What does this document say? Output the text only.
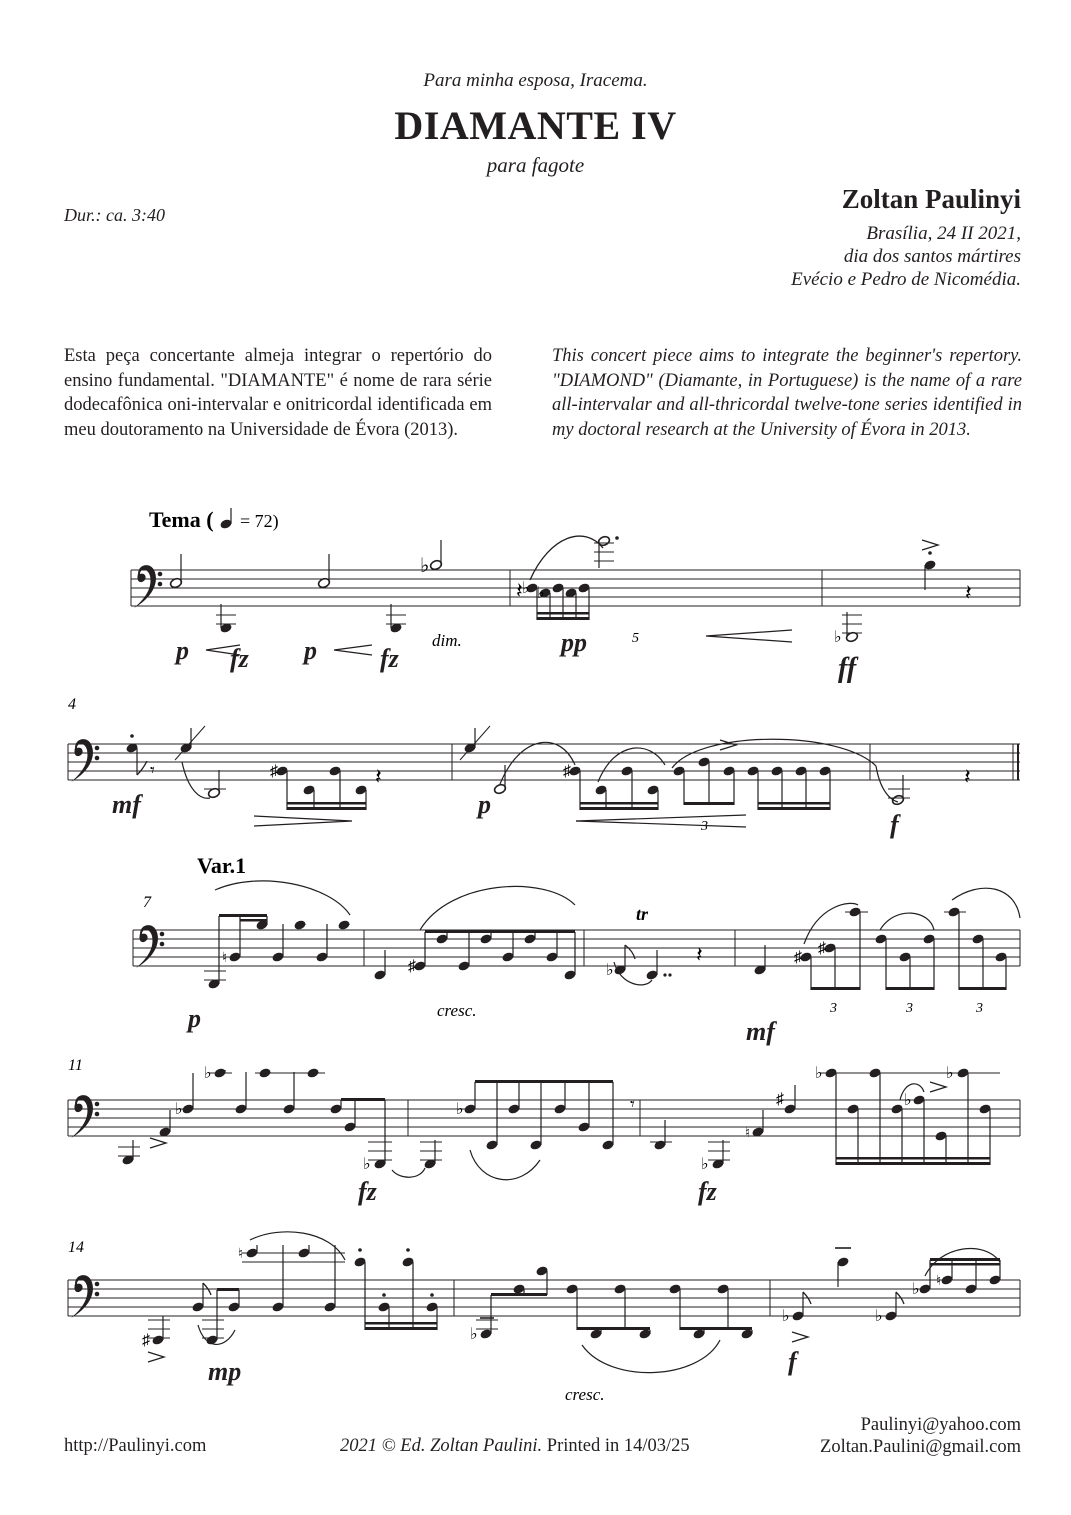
Para minha esposa, Iracema.
DIAMANTE IV
para fagote
Zoltan Paulinyi
Brasília, 24 II 2021,
dia dos santos mártires
Evécio e Pedro de Nicomédia.
Dur.: ca. 3:40
Esta peça concertante almeja integrar o repertório do ensino fundamental. "DIAMANTE" é nome de rara série dodecafônica oni-intervalar e onitricordal identificada em meu doutoramento na Universidade de Évora (2013).
This concert piece aims to integrate the beginner's repertory. "DIAMOND" (Diamante, in Portuguese) is the name of a rare all-intervalar and all-thricordal twelve-tone series identified in my doctoral research at the University of Évora in 2013.
♭
𝄽 ♭ ♭
♭
𝄽
p fz p fz
pp
ff
dim.	5
Tema ( = 72)
4
𝄾	♯	𝄽	♯
3
𝄽
mf	p
f
7
Var.1
♮	♯
cresc.
♭
tr
𝄽	♯
♯
3	3	3
p	mf
11
♭
♭
♭
♭	𝄾
♭
♮
♯
♭
♭
♭
fz	fz
14
♯
♮
♭
cresc.
♭	♭
♭ ♮
mp	f
http://Paulinyi.com	2021 © Ed. Zoltan Paulini. Printed in 14/03/25
Paulinyi@yahoo.com
Zoltan.Paulini@gmail.com
